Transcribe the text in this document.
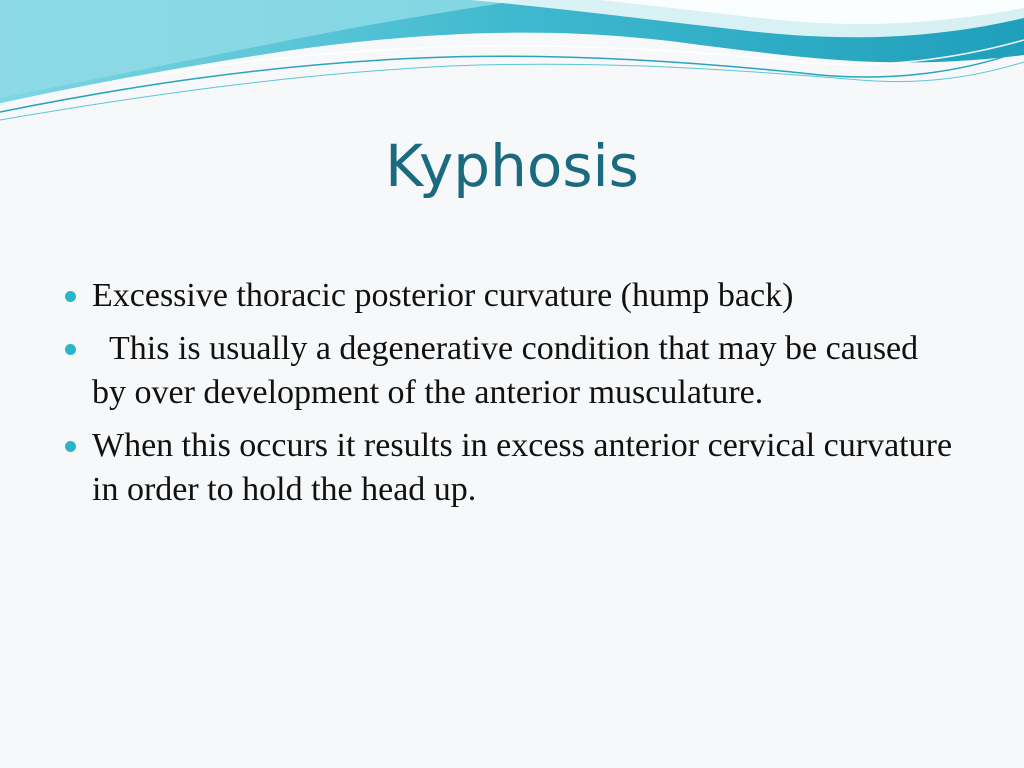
Kyphosis
Excessive thoracic posterior curvature (hump back)
This is usually a degenerative condition that may be caused by over development of the anterior musculature.
When this occurs it results in excess anterior cervical curvature in order to hold the head up.
